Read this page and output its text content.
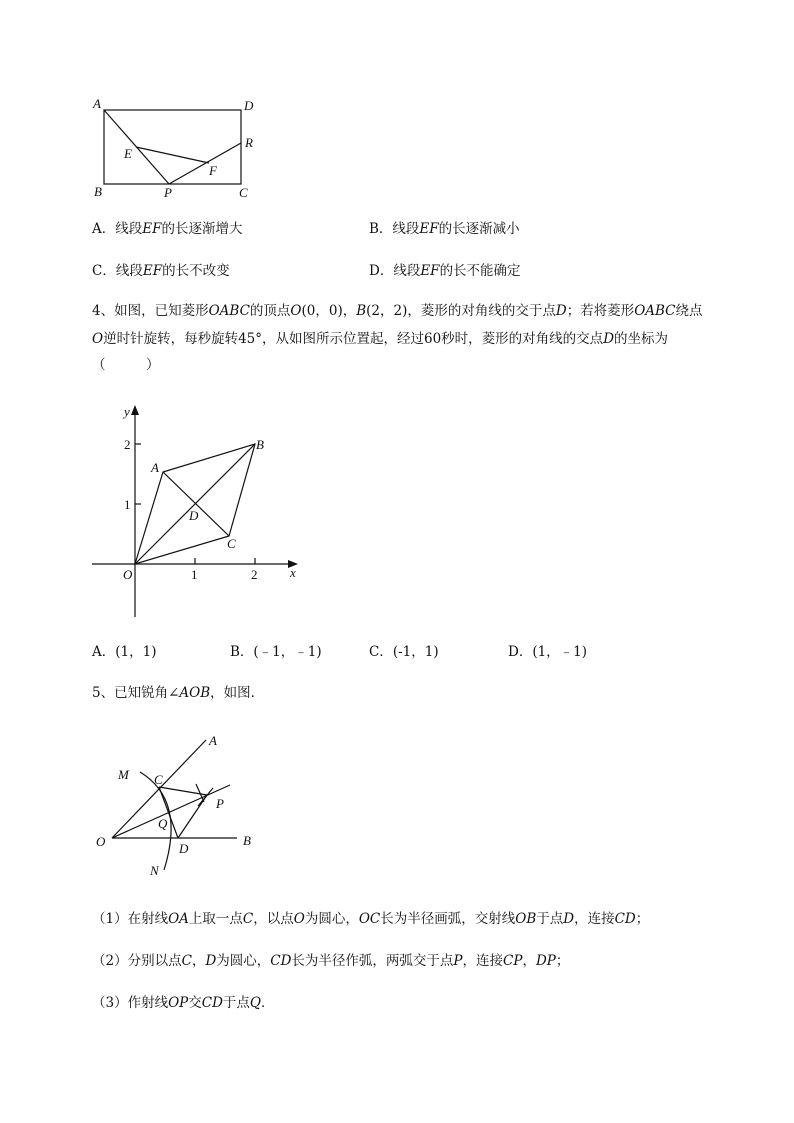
A	D
R
E
F
B	P	C
A．线段EF的长逐渐增大	B．线段EF的长逐渐减小
C．线段EF的长不改变	D．线段EF的长不能确定
4、如图，已知菱形OABC的顶点O(0，0)，B(2，2)，菱形的对角线的交于点D；若将菱形OABC绕点
O逆时针旋转，每秒旋转45°，从如图所示位置起，经过60秒时，菱形的对角线的交点D的坐标为
（　　　）
y
x
O	1	2
1
2
A
B
C
D
A．(1，1)	B．(﹣1，﹣1)	C．(-1，1)	D．(1，﹣1)
5、已知锐角∠AOB，如图．
A
M C
P
Q
O	D
B
N
（1）在射线OA上取一点C，以点O为圆心，OC长为半径画弧，交射线OB于点D，连接CD；
（2）分别以点C，D为圆心，CD长为半径作弧，两弧交于点P，连接CP，DP；
（3）作射线OP交CD于点Q．
